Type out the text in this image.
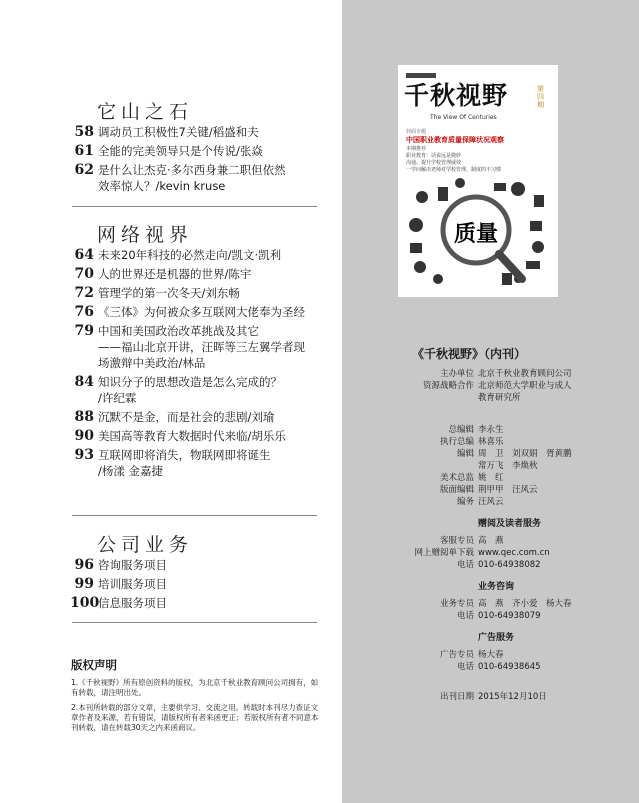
它山之石
58 调动员工积极性7关键/稻盛和夫
61 全能的完美领导只是个传说/张焱
62 是什么让杰克·多尔西身兼二职但依然
效率惊人？/kevin kruse
网络视界
64 未来20年科技的必然走向/凯文·凯利
70 人的世界还是机器的世界/陈宇
72 管理学的第一次冬天/刘东畅
76 《三体》为何被众多互联网大佬奉为圣经
79 中国和美国政治改革挑战及其它
——福山北京开讲，汪晖等三左翼学者现
场激辩中美政治/林品
84 知识分子的思想改造是怎么完成的？
/许纪霖
88 沉默不是金，而是社会的悲剧/刘瑜
90 美国高等教育大数据时代来临/胡乐乐
93 互联网即将消失，物联网即将诞生
/杨漾 金嘉捷
公司业务
96 咨询服务项目
99 培训服务项目
100
信息服务项目
版权声明

1.《千秋视野》所有原创资料的版权，为北京千秋业教育顾问公司拥有，如有转载，请注明出处。

2.本刊所转载的部分文章，主要供学习、交流之用。转载时本刊尽力查证文章作者及来源，若有错误，请版权所有者来函更正；若版权所有者不同意本刊转载，请在转载30天之内来函商议。

千秋视野	第四期
The View Of Centuries
封面专题
中国职业教育质量保障状况观察
本期推荐
职业教育：话说远是微妙
沟通、提升学校管理威效
一学问解决老师对学校管理、制度的不习惯
质量
《千秋视野》（内刊）
主办单位 北京千秋业教育顾问公司
资源战略合作 北京师范大学职业与成人
教育研究所
总编辑 李永生
执行总编 林喜乐
编辑 周　卫　刘双娟　胥黄鹏
常万飞　李焕秋
美术总监 姚　红
版面编辑 荆甲甲　汪风云
编务 汪风云
赠阅及读者服务
客服专员 高　燕
网上赠阅单下载 www.qec.com.cn
电话 010-64938082
业务咨询
业务专员 高　燕　齐小爱　杨大春
电话 010-64938079
广告服务
广告专员 杨大春
电话 010-64938645
出刊日期 2015年12月10日
